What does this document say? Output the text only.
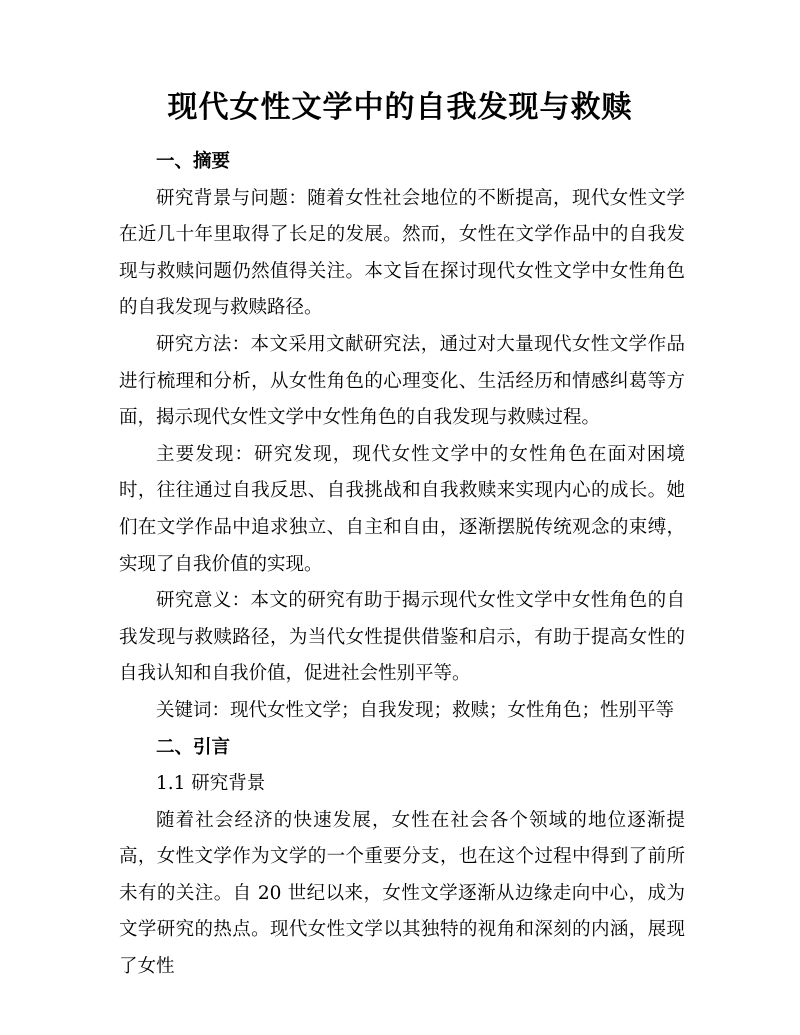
现代女性文学中的自我发现与救赎
一、摘要

研究背景与问题：随着女性社会地位的不断提高，现代女性文学在近几十年里取得了长足的发展。然而，女性在文学作品中的自我发现与救赎问题仍然值得关注。本文旨在探讨现代女性文学中女性角色的自我发现与救赎路径。

研究方法：本文采用文献研究法，通过对大量现代女性文学作品进行梳理和分析，从女性角色的心理变化、生活经历和情感纠葛等方面，揭示现代女性文学中女性角色的自我发现与救赎过程。

主要发现：研究发现，现代女性文学中的女性角色在面对困境时，往往通过自我反思、自我挑战和自我救赎来实现内心的成长。她们在文学作品中追求独立、自主和自由，逐渐摆脱传统观念的束缚，实现了自我价值的实现。

研究意义：本文的研究有助于揭示现代女性文学中女性角色的自我发现与救赎路径，为当代女性提供借鉴和启示，有助于提高女性的自我认知和自我价值，促进社会性别平等。

关键词：现代女性文学；自我发现；救赎；女性角色；性别平等

二、引言

1.1 研究背景

随着社会经济的快速发展，女性在社会各个领域的地位逐渐提高，女性文学作为文学的一个重要分支，也在这个过程中得到了前所未有的关注。自 20 世纪以来，女性文学逐渐从边缘走向中心，成为文学研究的热点。现代女性文学以其独特的视角和深刻的内涵，展现了女性
